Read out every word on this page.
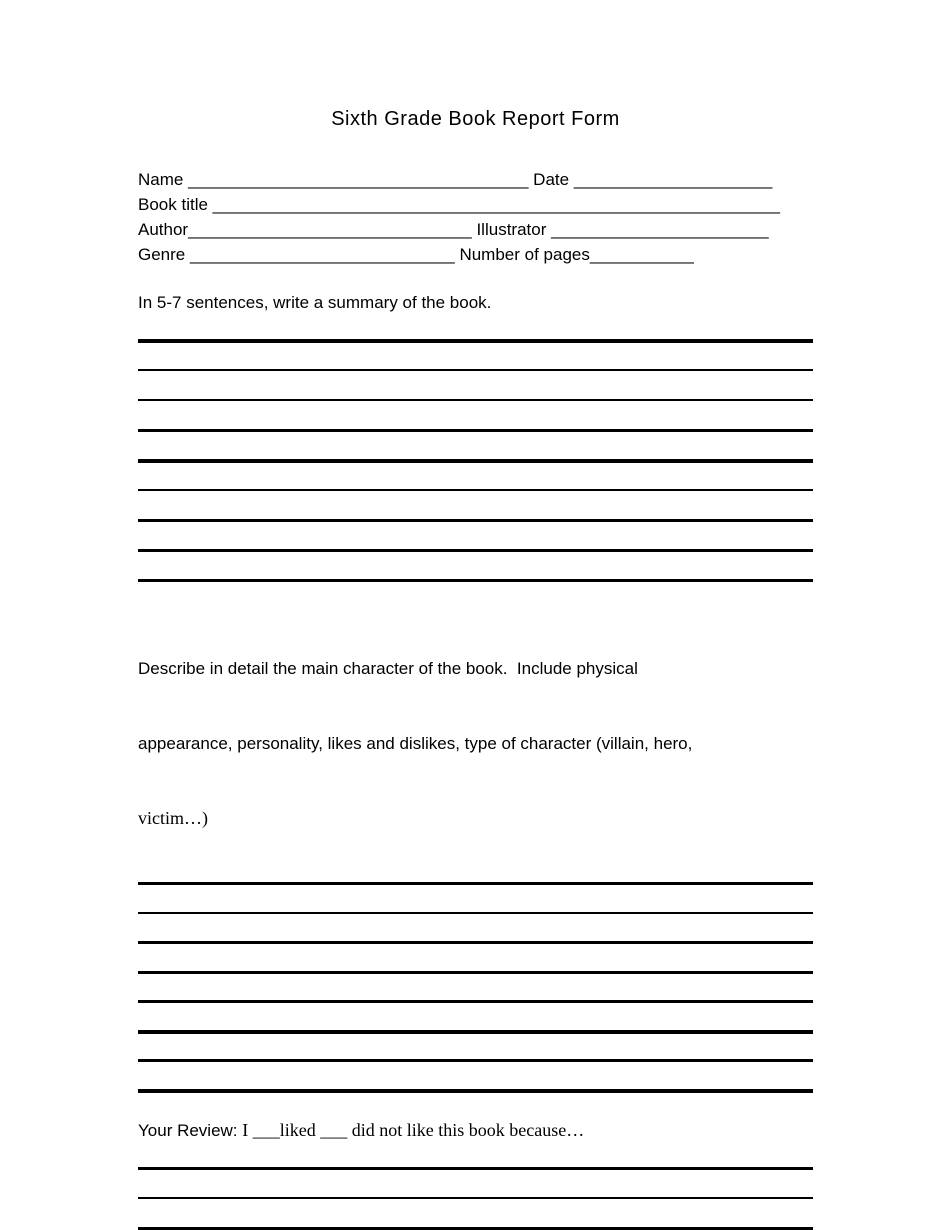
Sixth Grade Book Report Form
Name ____________________________________ Date _____________________
Book title ____________________________________________________________
Author______________________________ Illustrator _______________________
Genre ____________________________ Number of pages___________

In 5-7 sentences, write a summary of the book.

Describe in detail the main character of the book.  Include physical

appearance, personality, likes and dislikes, type of character (villain, hero,

victim…)

Your Review: I ___liked ___ did not like this book because…
